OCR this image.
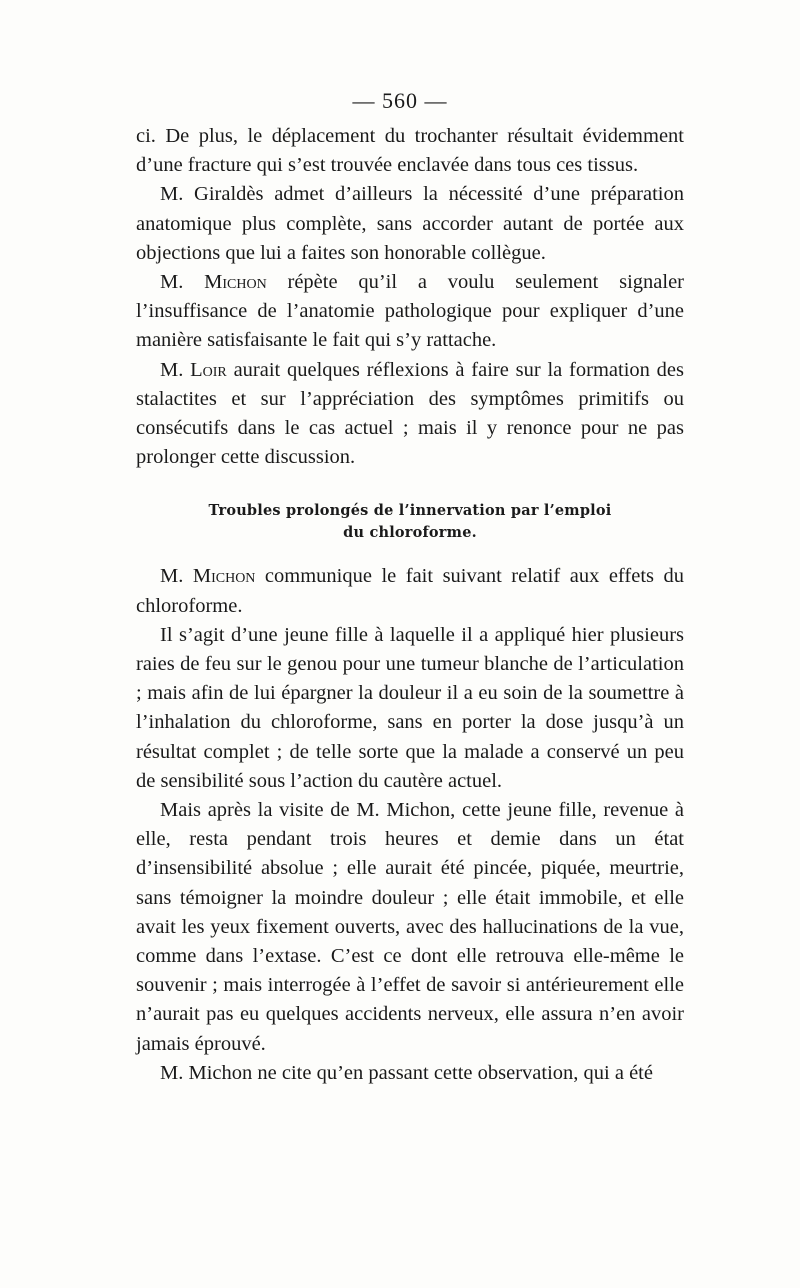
— 560 —

ci. De plus, le déplacement du trochanter résultait évidemment d’une fracture qui s’est trouvée enclavée dans tous ces tissus.

M. Giraldès admet d’ailleurs la nécessité d’une préparation anatomique plus complète, sans accorder autant de portée aux objections que lui a faites son honorable collègue.

M. Michon répète qu’il a voulu seulement signaler l’insuffisance de l’anatomie pathologique pour expliquer d’une manière satisfaisante le fait qui s’y rattache.

M. Loir aurait quelques réflexions à faire sur la formation des stalactites et sur l’appréciation des symptômes primitifs ou consécutifs dans le cas actuel ; mais il y renonce pour ne pas prolonger cette discussion.

Troubles prolongés de l’innervation par l’emploi
du chloroforme.

M. Michon communique le fait suivant relatif aux effets du chloroforme.

Il s’agit d’une jeune fille à laquelle il a appliqué hier plusieurs raies de feu sur le genou pour une tumeur blanche de l’articulation ; mais afin de lui épargner la douleur il a eu soin de la soumettre à l’inhalation du chloroforme, sans en porter la dose jusqu’à un résultat complet ; de telle sorte que la malade a conservé un peu de sensibilité sous l’action du cautère actuel.

Mais après la visite de M. Michon, cette jeune fille, revenue à elle, resta pendant trois heures et demie dans un état d’insensibilité absolue ; elle aurait été pincée, piquée, meurtrie, sans témoigner la moindre douleur ; elle était immobile, et elle avait les yeux fixement ouverts, avec des hallucinations de la vue, comme dans l’extase. C’est ce dont elle retrouva elle-même le souvenir ; mais interrogée à l’effet de savoir si antérieurement elle n’aurait pas eu quelques accidents nerveux, elle assura n’en avoir jamais éprouvé.

M. Michon ne cite qu’en passant cette observation, qui a été
